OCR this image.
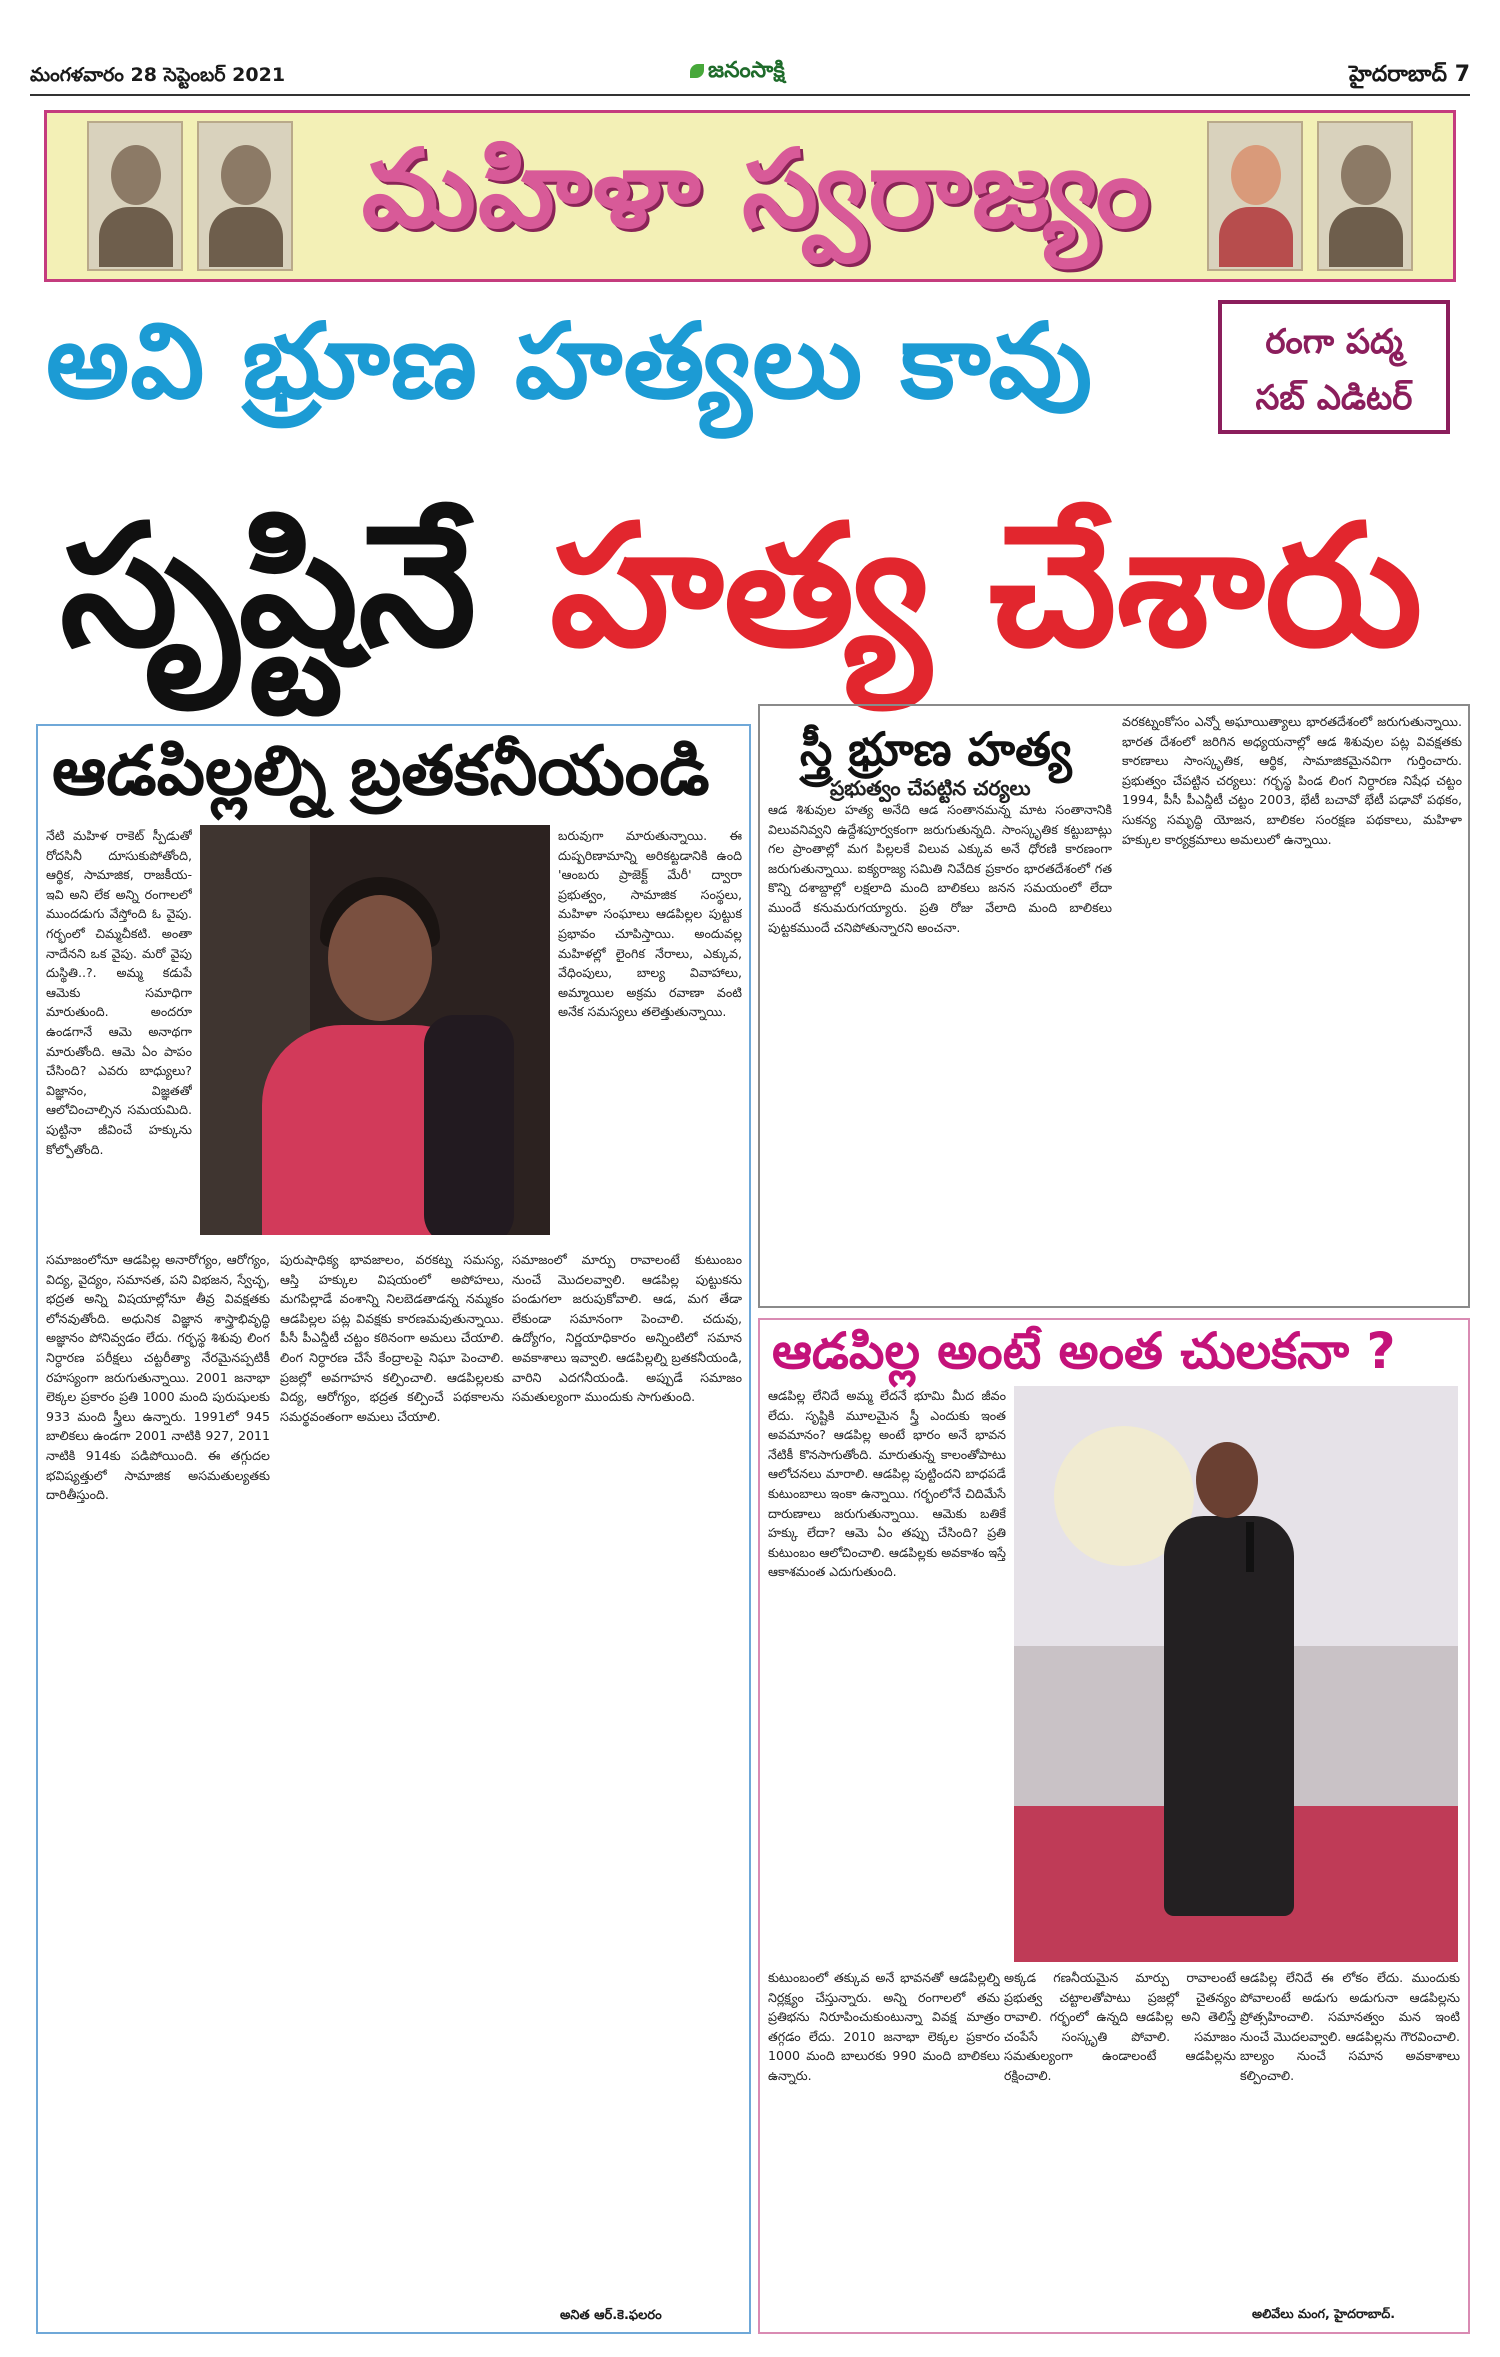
మంగళవారం 28 సెప్టెంబర్ 2021	జనంసాక్షి	హైదరాబాద్ 7
మహిళా స్వరాజ్యం
అవి భ్రూణ హత్యలు కావు	రంగా పద్మ
సబ్ ఎడిటర్
సృష్టినే హత్య చేశారు
ఆడపిల్లల్ని బ్రతకనీయండి
నేటి మహిళ రాకెట్ స్పీడుతో రోదసినీ దూసుకుపోతోంది, ఆర్థిక, సామాజిక, రాజకీయ- ఇవి అని లేక అన్ని రంగాలలో ముందడుగు వేస్తోంది ఓ వైపు. గర్భంలో చిమ్మచీకటి. అంతా నాదేనని ఒక వైపు. మరో వైపు దుస్థితి..?. అమ్మ కడుపే ఆమెకు సమాధిగా మారుతుంది. అందరూ ఉండగానే ఆమె అనాథగా మారుతోంది. ఆమె ఏం పాపం చేసింది? ఎవరు బాధ్యులు? విజ్ఞానం, విజ్ఞతతో ఆలోచించాల్సిన సమయమిది. పుట్టినా జీవించే హక్కును కోల్పోతోంది.
బరువుగా మారుతున్నాయి. ఈ దుష్పరిణామాన్ని అరికట్టడానికి ఉంది 'ఆంబరు ప్రాజెక్ట్ మేరీ' ద్వారా ప్రభుత్వం, సామాజిక సంస్థలు, మహిళా సంఘాలు ఆడపిల్లల పుట్టుక ప్రభావం చూపిస్తాయి. అందువల్ల మహిళల్లో లైంగిక నేరాలు, ఎక్కువ, వేధింపులు, బాల్య వివాహాలు, అమ్మాయిల అక్రమ రవాణా వంటి అనేక సమస్యలు తలెత్తుతున్నాయి.
సమాజంలోనూ ఆడపిల్ల అనారోగ్యం, ఆరోగ్యం, విద్య, వైద్యం, సమానత, పని విభజన, స్వేచ్ఛ, భద్రత అన్ని విషయాల్లోనూ తీవ్ర వివక్షతకు లోనవుతోంది. అధునిక విజ్ఞాన శాస్త్రాభివృద్ధి అజ్ఞానం పోనివ్వడం లేదు. గర్భస్థ శిశువు లింగ నిర్ధారణ పరీక్షలు చట్టరీత్యా నేరమైనప్పటికీ రహస్యంగా జరుగుతున్నాయి. 2001 జనాభా లెక్కల ప్రకారం ప్రతి 1000 మంది పురుషులకు 933 మంది స్త్రీలు ఉన్నారు. 1991లో 945 బాలికలు ఉండగా 2001 నాటికి 927, 2011 నాటికి 914కు పడిపోయింది. ఈ తగ్గుదల భవిష్యత్తులో సామాజిక అసమతుల్యతకు దారితీస్తుంది.
పురుషాధిక్య భావజాలం, వరకట్న సమస్య, ఆస్తి హక్కుల విషయంలో అపోహలు, మగపిల్లాడే వంశాన్ని నిలబెడతాడన్న నమ్మకం ఆడపిల్లల పట్ల వివక్షకు కారణమవుతున్నాయి. పీసీ పీఎన్డీటీ చట్టం కఠినంగా అమలు చేయాలి. లింగ నిర్ధారణ చేసే కేంద్రాలపై నిఘా పెంచాలి. ప్రజల్లో అవగాహన కల్పించాలి. ఆడపిల్లలకు విద్య, ఆరోగ్యం, భద్రత కల్పించే పథకాలను సమర్థవంతంగా అమలు చేయాలి.
సమాజంలో మార్పు రావాలంటే కుటుంబం నుంచే మొదలవ్వాలి. ఆడపిల్ల పుట్టుకను పండుగలా జరుపుకోవాలి. ఆడ, మగ తేడా లేకుండా సమానంగా పెంచాలి. చదువు, ఉద్యోగం, నిర్ణయాధికారం అన్నింటిలో సమాన అవకాశాలు ఇవ్వాలి. ఆడపిల్లల్ని బ్రతకనీయండి, వారిని ఎదగనీయండి. అప్పుడే సమాజం సమతుల్యంగా ముందుకు సాగుతుంది.
అనిత ఆర్.కె.ఫలరం
స్త్రీ భ్రూణ హత్య
ప్రభుత్వం చేపట్టిన చర్యలు
ఆడ శిశువుల హత్య అనేది ఆడ సంతానమన్న మాట సంతానానికి విలువనివ్వని ఉద్దేశపూర్వకంగా జరుగుతున్నది. సాంస్కృతిక కట్టుబాట్లు గల ప్రాంతాల్లో మగ పిల్లలకే విలువ ఎక్కువ అనే ధోరణి కారణంగా జరుగుతున్నాయి. ఐక్యరాజ్య సమితి నివేదిక ప్రకారం భారతదేశంలో గత కొన్ని దశాబ్దాల్లో లక్షలాది మంది బాలికలు జనన సమయంలో లేదా ముందే కనుమరుగయ్యారు. ప్రతి రోజు వేలాది మంది బాలికలు పుట్టకముందే చనిపోతున్నారని అంచనా.
వరకట్నంకోసం ఎన్నో అఘాయిత్యాలు భారతదేశంలో జరుగుతున్నాయి. భారత దేశంలో జరిగిన అధ్యయనాల్లో ఆడ శిశువుల పట్ల వివక్షతకు కారణాలు సాంస్కృతిక, ఆర్థిక, సామాజికమైనవిగా గుర్తించారు. ప్రభుత్వం చేపట్టిన చర్యలు: గర్భస్థ పిండ లింగ నిర్ధారణ నిషేధ చట్టం 1994, పీసీ పీఎన్డీటీ చట్టం 2003, భేటీ బచావో భేటీ పఢావో పథకం, సుకన్య సమృద్ధి యోజన, బాలికల సంరక్షణ పథకాలు, మహిళా హక్కుల కార్యక్రమాలు అమలులో ఉన్నాయి.
ఆడపిల్ల అంటే అంత చులకనా ?
ఆడపిల్ల లేనిదే అమ్మ లేదనే భూమి మీద జీవం లేదు. సృష్టికి మూలమైన స్త్రీ ఎందుకు ఇంత అవమానం? ఆడపిల్ల అంటే భారం అనే భావన నేటికీ కొనసాగుతోంది. మారుతున్న కాలంతోపాటు ఆలోచనలు మారాలి. ఆడపిల్ల పుట్టిందని బాధపడే కుటుంబాలు ఇంకా ఉన్నాయి. గర్భంలోనే చిదిమేసే దారుణాలు జరుగుతున్నాయి. ఆమెకు బతికే హక్కు లేదా? ఆమె ఏం తప్పు చేసింది? ప్రతి కుటుంబం ఆలోచించాలి. ఆడపిల్లకు అవకాశం ఇస్తే ఆకాశమంత ఎదుగుతుంది.
కుటుంబంలో తక్కువ అనే భావనతో ఆడపిల్లల్ని నిర్లక్ష్యం చేస్తున్నారు. అన్ని రంగాలలో తమ ప్రతిభను నిరూపించుకుంటున్నా వివక్ష మాత్రం తగ్గడం లేదు. 2010 జనాభా లెక్కల ప్రకారం 1000 మంది బాలురకు 990 మంది బాలికలు ఉన్నారు.
అక్కడ గణనీయమైన మార్పు రావాలంటే ప్రభుత్వ చట్టాలతోపాటు ప్రజల్లో చైతన్యం రావాలి. గర్భంలో ఉన్నది ఆడపిల్ల అని తెలిస్తే చంపేసే సంస్కృతి పోవాలి. సమాజం సమతుల్యంగా ఉండాలంటే ఆడపిల్లను రక్షించాలి.
ఆడపిల్ల లేనిదే ఈ లోకం లేదు. ముందుకు పోవాలంటే అడుగు అడుగునా ఆడపిల్లను ప్రోత్సహించాలి. సమానత్వం మన ఇంటి నుంచే మొదలవ్వాలి. ఆడపిల్లను గౌరవించాలి. బాల్యం నుంచే సమాన అవకాశాలు కల్పించాలి.
అలివేలు మంగ, హైదరాబాద్.
